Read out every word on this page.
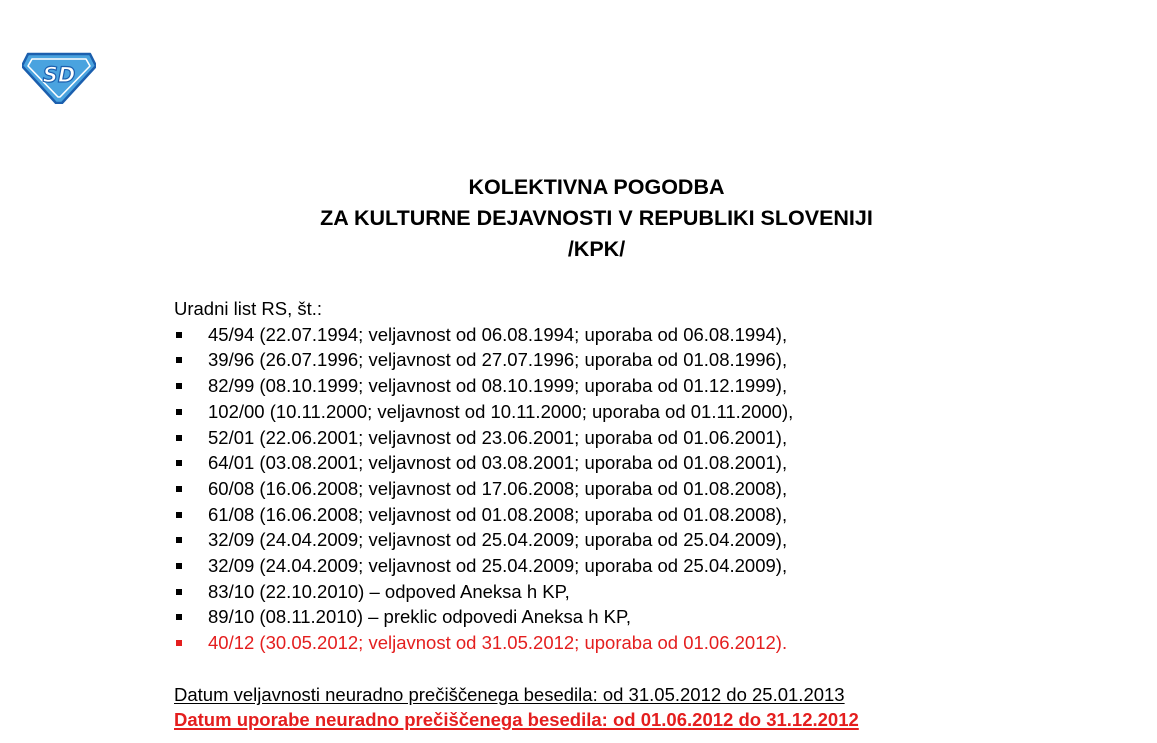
SD
KOLEKTIVNA POGODBA
ZA KULTURNE DEJAVNOSTI V REPUBLIKI SLOVENIJI
/KPK/
Uradni list RS, št.:
45/94 (22.07.1994; veljavnost od 06.08.1994; uporaba od 06.08.1994),
39/96 (26.07.1996; veljavnost od 27.07.1996; uporaba od 01.08.1996),
82/99 (08.10.1999; veljavnost od 08.10.1999; uporaba od 01.12.1999),
102/00 (10.11.2000; veljavnost od 10.11.2000; uporaba od 01.11.2000),
52/01 (22.06.2001; veljavnost od 23.06.2001; uporaba od 01.06.2001),
64/01 (03.08.2001; veljavnost od 03.08.2001; uporaba od 01.08.2001),
60/08 (16.06.2008; veljavnost od 17.06.2008; uporaba od 01.08.2008),
61/08 (16.06.2008; veljavnost od 01.08.2008; uporaba od 01.08.2008),
32/09 (24.04.2009; veljavnost od 25.04.2009; uporaba od 25.04.2009),
32/09 (24.04.2009; veljavnost od 25.04.2009; uporaba od 25.04.2009),
83/10 (22.10.2010) – odpoved Aneksa h KP,
89/10 (08.11.2010) – preklic odpovedi Aneksa h KP,
40/12 (30.05.2012; veljavnost od 31.05.2012; uporaba od 01.06.2012).
Datum veljavnosti neuradno prečiščenega besedila: od 31.05.2012 do 25.01.2013
Datum uporabe neuradno prečiščenega besedila: od 01.06.2012 do 31.12.2012
